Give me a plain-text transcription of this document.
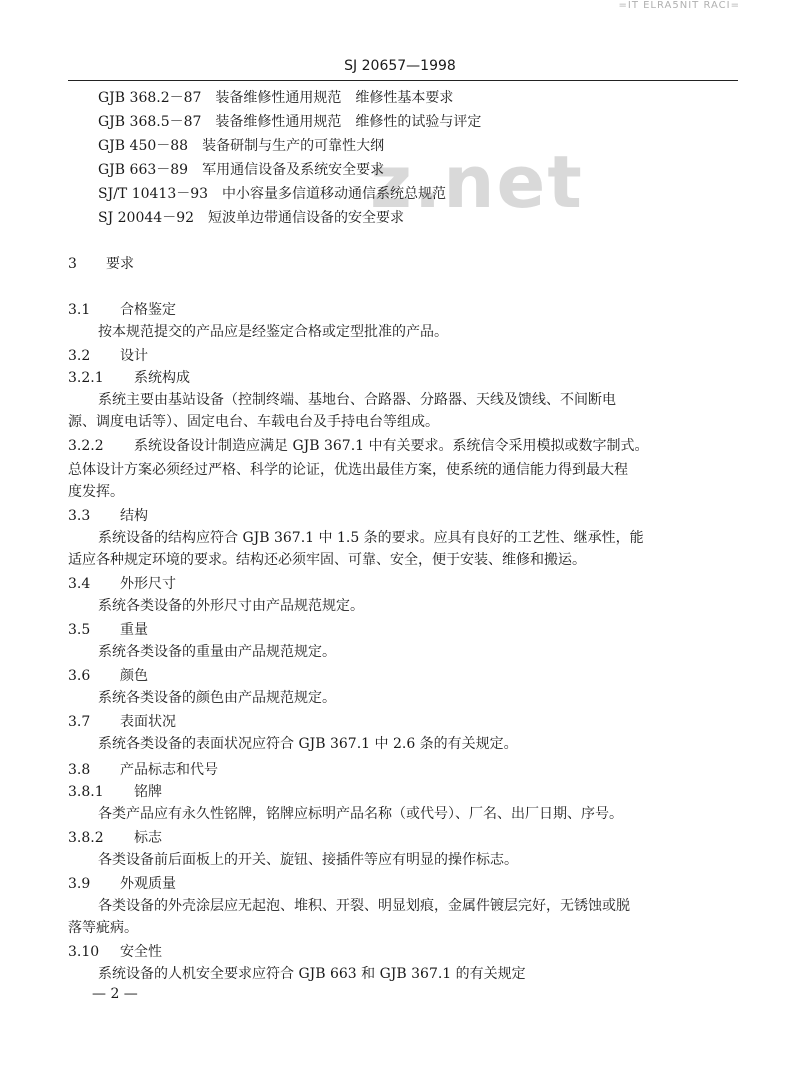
=IT ELRA5NIT RACI=
SJ 20657—1998
z.net
GJB 368.2－87　装备维修性通用规范　维修性基本要求
GJB 368.5－87　装备维修性通用规范　维修性的试验与评定
GJB 450－88　装备研制与生产的可靠性大纲
GJB 663－89　军用通信设备及系统安全要求
SJ/T 10413－93　中小容量多信道移动通信系统总规范
SJ 20044－92　短波单边带通信设备的安全要求
3 要求
3.1 合格鉴定
按本规范提交的产品应是经鉴定合格或定型批准的产品。
3.2 设计
3.2.1 系统构成
系统主要由基站设备（控制终端、基地台、合路器、分路器、天线及馈线、不间断电
源、调度电话等）、固定电台、车载电台及手持电台等组成。
3.2.2 系统设备设计制造应满足 GJB 367.1 中有关要求。系统信令采用模拟或数字制式。
总体设计方案必须经过严格、科学的论证，优选出最佳方案，使系统的通信能力得到最大程
度发挥。
3.3 结构
系统设备的结构应符合 GJB 367.1 中 1.5 条的要求。应具有良好的工艺性、继承性，能
适应各种规定环境的要求。结构还必须牢固、可靠、安全，便于安装、维修和搬运。
3.4 外形尺寸
系统各类设备的外形尺寸由产品规范规定。
3.5 重量
系统各类设备的重量由产品规范规定。
3.6 颜色
系统各类设备的颜色由产品规范规定。
3.7 表面状况
系统各类设备的表面状况应符合 GJB 367.1 中 2.6 条的有关规定。
3.8 产品标志和代号
3.8.1 铭牌
各类产品应有永久性铭牌，铭牌应标明产品名称（或代号）、厂名、出厂日期、序号。
3.8.2 标志
各类设备前后面板上的开关、旋钮、接插件等应有明显的操作标志。
3.9 外观质量
各类设备的外壳涂层应无起泡、堆积、开裂、明显划痕，金属件镀层完好，无锈蚀或脱
落等疵病。
3.10 安全性
系统设备的人机安全要求应符合 GJB 663 和 GJB 367.1 的有关规定
— 2 —
